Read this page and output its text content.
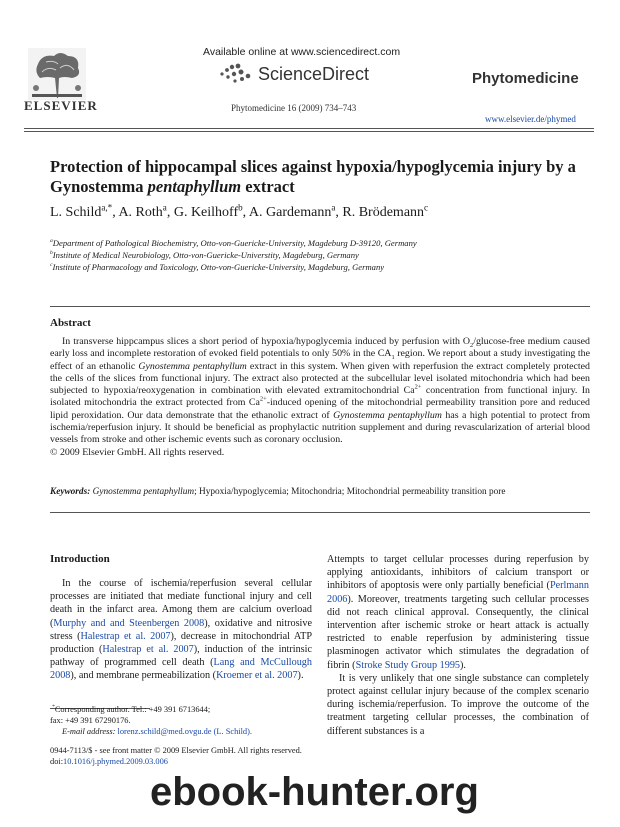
ELSEVIER
Available online at www.sciencedirect.com
ScienceDirect
Phytomedicine 16 (2009) 734–743
Phytomedicine
www.elsevier.de/phymed
Protection of hippocampal slices against hypoxia/hypoglycemia injury by a Gynostemma pentaphyllum extract
L. Schild$^{a,*}$, A. Roth$^a$, G. Keilhoff$^b$, A. Gardemann$^a$, R. Brödemann$^c$
$^a$Department of Pathological Biochemistry, Otto-von-Guericke-University, Magdeburg D-39120, Germany
$^b$Institute of Medical Neurobiology, Otto-von-Guericke-Universtity, Magdeburg, Germany
$^c$Institute of Pharmacology and Toxicology, Otto-von-Guericke-University, Magdeburg, Germany
Abstract
In transverse hippcampus slices a short period of hypoxia/hypoglycemia induced by perfusion with $O_2/glucose$-free medium caused early loss and incomplete restoration of evoked field potentials to only 50% in the $CA_1$ region. We report about a study investigating the effect of an ethanolic Gynostemma pentaphyllum extract in this system. When given with reperfusion the extract completely protected the cells of the slices from functional injury. The extract also protected at the subcellular level isolated mitochondria which had been subjected to hypoxia/reoxygenation in combination with elevated extramitochondrial $Ca^{2+}$ concentration from functional injury. In isolated mitochondria the extract protected from $Ca^{2+}$-induced opening of the mitochondrial permeability transition pore and reduced lipid peroxidation. Our data demonstrate that the ethanolic extract of Gynostemma pentaphyllum has a high potential to protect from ischemia/reperfusion injury. It should be beneficial as prophylactic nutrition supplement and during revascularization of arterial blood vessels from stroke and other ischemic events such as coronary occlusion.
© 2009 Elsevier GmbH. All rights reserved.
Keywords: Gynostemma pentaphyllum; Hypoxia/hypoglycemia; Mitochondria; Mitochondrial permeability transition pore
Introduction
In the course of ischemia/reperfusion several cellular processes are initiated that mediate functional injury and cell death in the infarct area. Among them are calcium overload (Murphy and and Steenbergen 2008), oxidative and nitrosive stress (Halestrap et al. 2007), decrease in mitochondrial ATP production (Halestrap et al. 2007), induction of the intrinsic pathway of programmed cell death (Lang and McCullough 2008), and membrane permeabilization (Kroemer et al. 2007).

Attempts to target cellular processes during reperfusion by applying antioxidants, inhibitors of calcium transport or inhibitors of apoptosis were only partially beneficial (Perlmann 2006). Moreover, treatments targeting such cellular processes did not reach clinical approval. Consequently, the clinical intervention after ischemic stroke or heart attack is actually restricted to enable reperfusion by administering tissue plasminogen activator which stimulates the degradation of fibrin (Stroke Study Group 1995).

It is very unlikely that one single substance can completely protect against cellular injury because of the complex scenario during ischemia/reperfusion. To improve the outcome of the treatment targeting cellular processes, the combination of different substances is a

*Corresponding author. Tel.: +49 391 6713644;
fax: +49 391 67290176.
E-mail address: lorenz.schild@med.ovgu.de (L. Schild).
0944-7113/$ - see front matter © 2009 Elsevier GmbH. All rights reserved.
doi:10.1016/j.phymed.2009.03.006
ebook-hunter.org
